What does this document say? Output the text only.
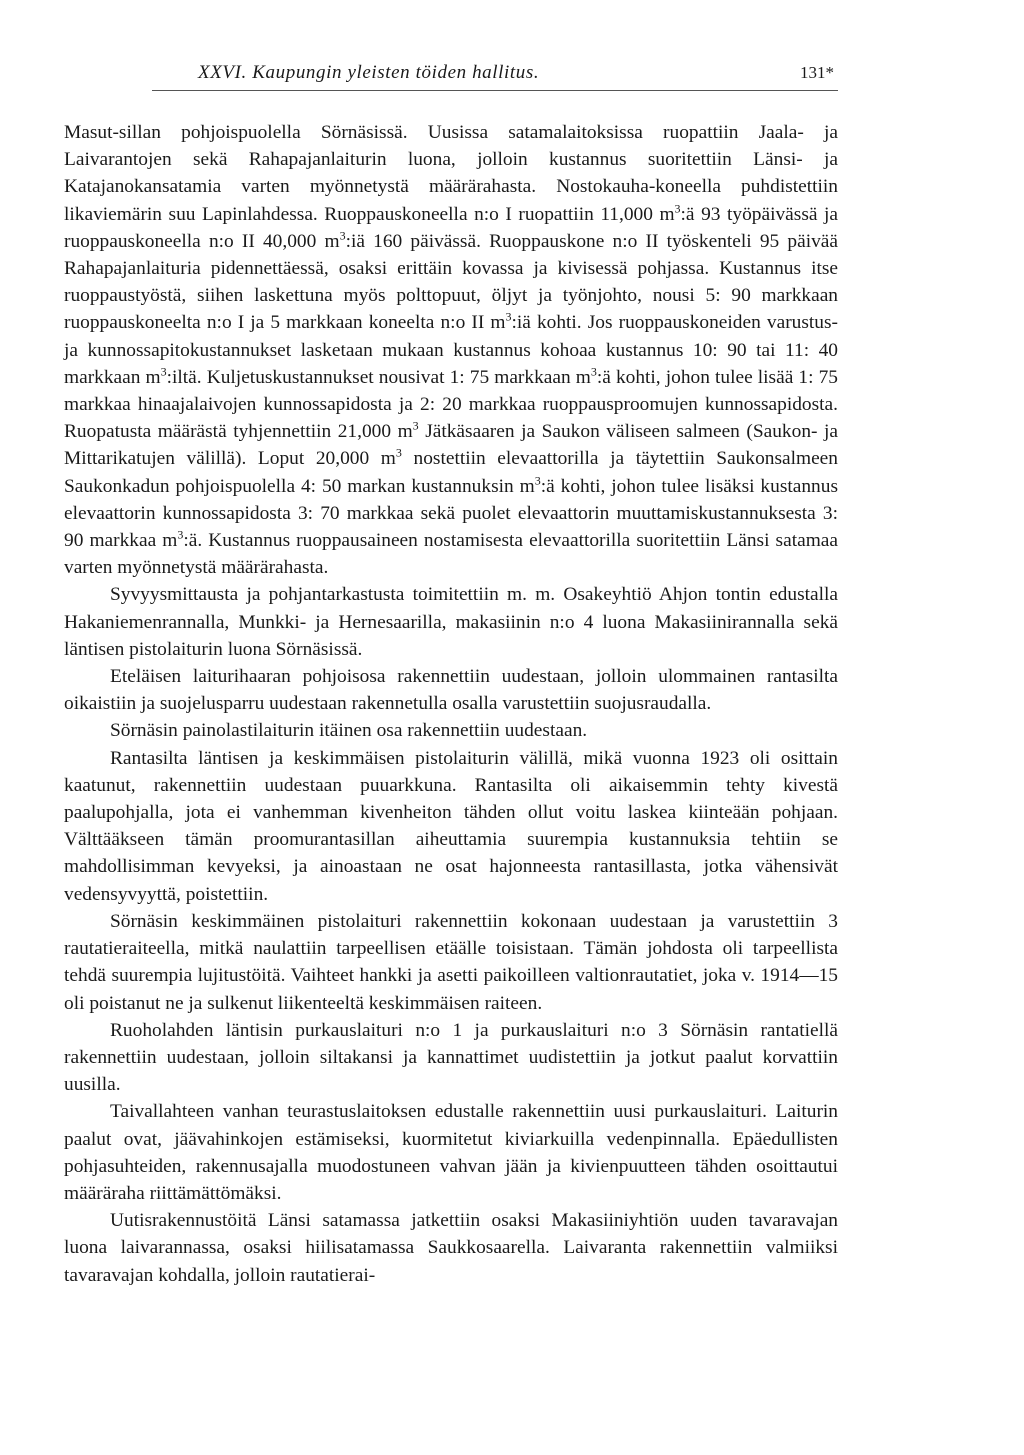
XXVI. Kaupungin yleisten töiden hallitus.	131*

Masut-sillan pohjoispuolella Sörnäsissä. Uusissa satamalaitoksissa ruopattiin Jaala- ja Laivarantojen sekä Rahapajanlaiturin luona, jolloin kustannus suoritettiin Länsi- ja Katajanokansatamia varten myönnetystä määrärahasta. Nostokauha-koneella puhdistettiin likaviemärin suu Lapinlahdessa. Ruoppauskoneella n:o I ruopattiin 11,000 $m^3:ä$ 93 työpäivässä ja ruoppauskoneella n:o II 40,000 $m^3:iä$ 160 päivässä. Ruoppauskone n:o II työskenteli 95 päivää Rahapajanlaituria pidennettäessä, osaksi erittäin kovassa ja kivisessä pohjassa. Kustannus itse ruoppaustyöstä, siihen laskettuna myös polttopuut, öljyt ja työnjohto, nousi 5: 90 markkaan ruoppauskoneelta n:o I ja 5 markkaan koneelta n:o II $m^3:iä$ kohti. Jos ruoppauskoneiden varustus- ja kunnossapitokustannukset lasketaan mukaan kustannus kohoaa kustannus 10: 90 tai 11: 40 markkaan $m^3:iltä$. Kuljetuskustannukset nousivat 1: 75 markkaan $m^3:ä$ kohti, johon tulee lisää 1: 75 markkaa hinaajalaivojen kunnossapidosta ja 2: 20 markkaa ruoppausproomujen kunnossapidosta. Ruopatusta määrästä tyhjennettiin 21,000 $m^3$ Jätkäsaaren ja Saukon väliseen salmeen (Saukon- ja Mittarikatujen välillä). Loput 20,000 $m^3$ nostettiin elevaattorilla ja täytettiin Saukonsalmeen Saukonkadun pohjoispuolella 4: 50 markan kustannuksin $m^3:ä$ kohti, johon tulee lisäksi kustannus elevaattorin kunnossapidosta 3: 70 markkaa sekä puolet elevaattorin muuttamiskustannuksesta 3: 90 markkaa $m^3:ä$. Kustannus ruoppausaineen nostamisesta elevaattorilla suoritettiin Länsi satamaa varten myönnetystä määrärahasta.

Syvyysmittausta ja pohjantarkastusta toimitettiin m. m. Osakeyhtiö Ahjon tontin edustalla Hakaniemenrannalla, Munkki- ja Hernesaarilla, makasiinin n:o 4 luona Makasiinirannalla sekä läntisen pistolaiturin luona Sörnäsissä.

Eteläisen laiturihaaran pohjoisosa rakennettiin uudestaan, jolloin ulommainen rantasilta oikaistiin ja suojelusparru uudestaan rakennetulla osalla varustettiin suojusraudalla.

Sörnäsin painolastilaiturin itäinen osa rakennettiin uudestaan.

Rantasilta läntisen ja keskimmäisen pistolaiturin välillä, mikä vuonna 1923 oli osittain kaatunut, rakennettiin uudestaan puuarkkuna. Rantasilta oli aikaisemmin tehty kivestä paalupohjalla, jota ei vanhemman kivenheiton tähden ollut voitu laskea kiinteään pohjaan. Välttääkseen tämän proomurantasillan aiheuttamia suurempia kustannuksia tehtiin se mahdollisimman kevyeksi, ja ainoastaan ne osat hajonneesta rantasillasta, jotka vähensivät vedensyvyyttä, poistettiin.

Sörnäsin keskimmäinen pistolaituri rakennettiin kokonaan uudestaan ja varustettiin 3 rautatieraiteella, mitkä naulattiin tarpeellisen etäälle toisistaan. Tämän johdosta oli tarpeellista tehdä suurempia lujitustöitä. Vaihteet hankki ja asetti paikoilleen valtionrautatiet, joka v. 1914—15 oli poistanut ne ja sulkenut liikenteeltä keskimmäisen raiteen.

Ruoholahden läntisin purkauslaituri n:o 1 ja purkauslaituri n:o 3 Sörnäsin rantatiellä rakennettiin uudestaan, jolloin siltakansi ja kannattimet uudistettiin ja jotkut paalut korvattiin uusilla.

Taivallahteen vanhan teurastuslaitoksen edustalle rakennettiin uusi purkauslaituri. Laiturin paalut ovat, jäävahinkojen estämiseksi, kuormitetut kiviarkuilla vedenpinnalla. Epäedullisten pohjasuhteiden, rakennusajalla muodostuneen vahvan jään ja kivienpuutteen tähden osoittautui määräraha riittämättömäksi.

Uutisrakennustöitä Länsi satamassa jatkettiin osaksi Makasiiniyhtiön uuden tavaravajan luona laivarannassa, osaksi hiilisatamassa Saukkosaarella. Laivaranta rakennettiin valmiiksi tavaravajan kohdalla, jolloin rautatierai-
